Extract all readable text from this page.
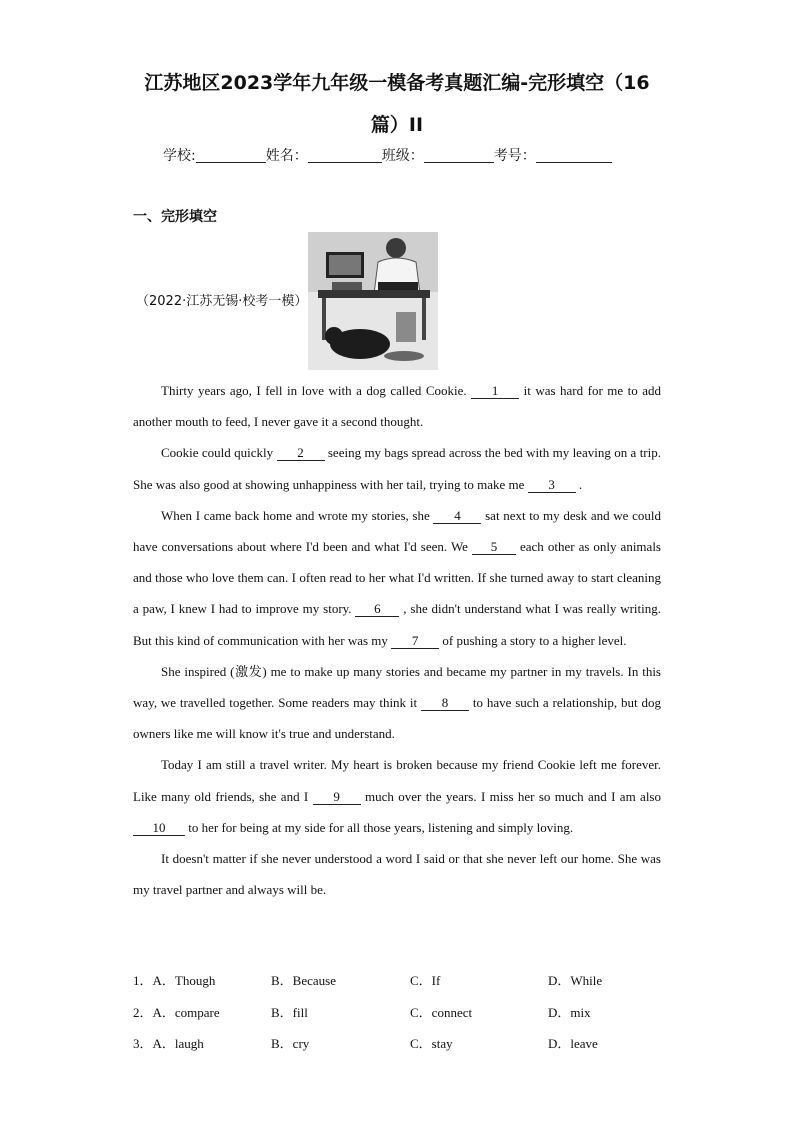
江苏地区2023学年九年级一模备考真题汇编-完形填空（16
篇）II
学校:	姓名：	班级：	考号：
一、完形填空
（2022·江苏无锡·校考一模）

Thirty years ago, I fell in love with a dog called Cookie. 1 it was hard for me to add another mouth to feed, I never gave it a second thought.

Cookie could quickly 2 seeing my bags spread across the bed with my leaving on a trip. She was also good at showing unhappiness with her tail, trying to make me 3 .

When I came back home and wrote my stories, she 4 sat next to my desk and we could have conversations about where I'd been and what I'd seen. We 5 each other as only animals and those who love them can. I often read to her what I'd written. If she turned away to start cleaning a paw, I knew I had to improve my story. 6 , she didn't understand what I was really writing. But this kind of communication with her was my 7 of pushing a story to a higher level.

She inspired (激发) me to make up many stories and became my partner in my travels. In this way, we travelled together. Some readers may think it 8 to have such a relationship, but dog owners like me will know it's true and understand.

Today I am still a travel writer. My heart is broken because my friend Cookie left me forever. Like many old friends, she and I 9 much over the years. I miss her so much and I am also 10 to her for being at my side for all those years, listening and simply loving.

It doesn't matter if she never understood a word I said or that she never left our home. She was my travel partner and always will be.

1．A．Though	B．Because	C．If	D．While
2．A．compare	B．fill	C．connect	D．mix
3．A．laugh	B．cry	C．stay	D．leave
